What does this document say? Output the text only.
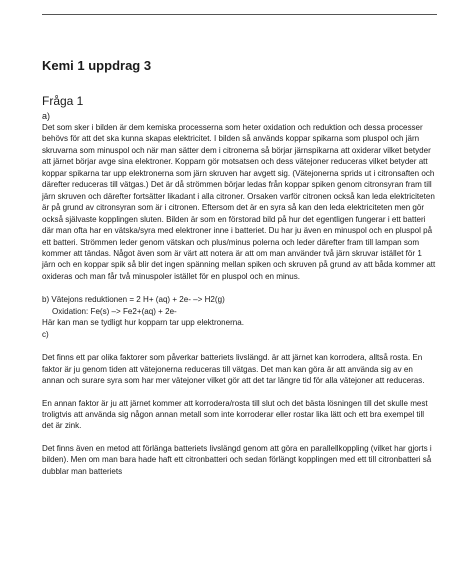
Kemi 1 uppdrag 3
Fråga 1
a)

Det som sker i bilden är dem kemiska processerna som heter oxidation och reduktion och dessa processer behövs för att det ska kunna skapas elektricitet. I bilden så används koppar spikarna som pluspol och järn skruvarna som minuspol och när man sätter dem i citronerna så börjar järnspikarna att oxiderar vilket betyder att järnet börjar avge sina elektroner. Kopparn gör motsatsen och dess vätejoner reduceras vilket betyder att koppar spikarna tar upp elektronerna som järn skruven har avgett sig. (Vätejonerna sprids ut i citronsaften och därefter reduceras till vätgas.) Det är då strömmen börjar ledas från koppar spiken genom citronsyran fram till järn skruven och därefter fortsätter likadant i alla citroner. Orsaken varför citronen också kan leda elektriciteten är på grund av citronsyran som är i citronen. Eftersom det är en syra så kan den leda elektriciteten men gör också självaste kopplingen sluten. Bilden är som en förstorad bild på hur det egentligen fungerar i ett batteri där man ofta har en vätska/syra med elektroner inne i batteriet. Du har ju även en minuspol och en pluspol på ett batteri. Strömmen leder genom vätskan och plus/minus polerna och leder därefter fram till lampan som kommer att tändas. Något även som är värt att notera är att om man använder två järn skruvar istället för 1 järn och en koppar spik så blir det ingen spänning mellan spiken och skruven på grund av att båda kommer att oxideras och man får två minuspoler istället för en pluspol och en minus.

b) Vätejons reduktionen = 2 H+ (aq) + 2e- –> H2(g)

Oxidation: Fe(s) –> Fe2+(aq) + 2e-

Här kan man se tydligt hur kopparn tar upp elektronerna.

c)

Det finns ett par olika faktorer som påverkar batteriets livslängd. är att järnet kan korrodera, alltså rosta. En faktor är ju genom tiden att vätejonerna reduceras till vätgas. Det man kan göra är att använda sig av en annan och surare syra som har mer vätejoner vilket gör att det tar längre tid för alla vätejoner att reduceras.

En annan faktor är ju att järnet kommer att korrodera/rosta till slut och det bästa lösningen till det skulle mest troligtvis att använda sig någon annan metall som inte korroderar eller rostar lika lätt och ett bra exempel till det är zink.

Det finns även en metod att förlänga batteriets livslängd genom att göra en parallellkoppling (vilket har gjorts i bilden). Men om man bara hade haft ett citronbatteri och sedan förlängt kopplingen med ett till citronbatteri så dubblar man batteriets
